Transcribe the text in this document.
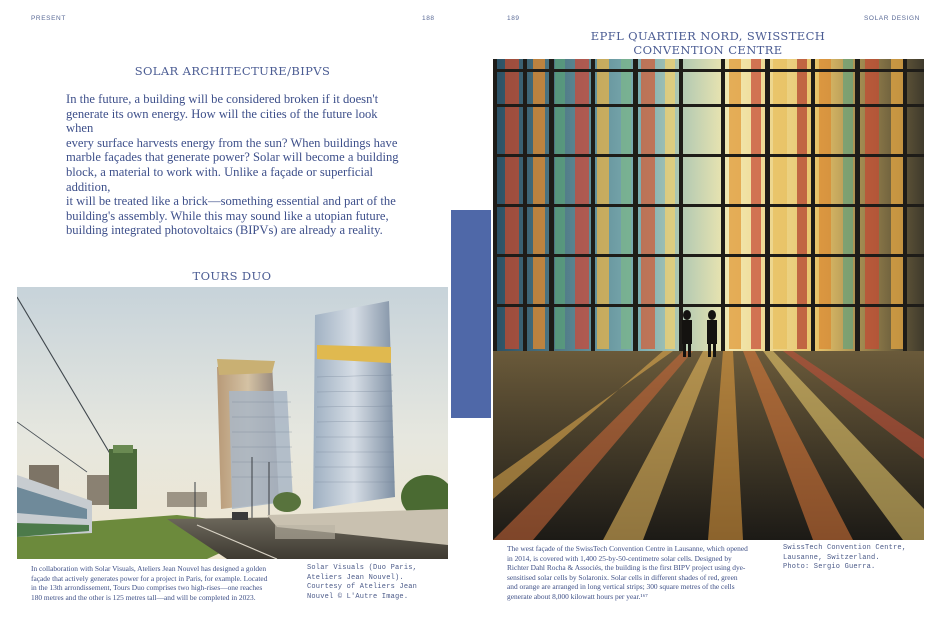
PRESENT	188
SOLAR ARCHITECTURE/BIPVS
In the future, a building will be considered broken if it doesn't
generate its own energy. How will the cities of the future look when
every surface harvests energy from the sun? When buildings have
marble façades that generate power? Solar will become a building
block, a material to work with. Unlike a façade or superficial addition,
it will be treated like a brick—something essential and part of the
building's assembly. While this may sound like a utopian future,
building integrated photovoltaics (BIPVs) are already a reality.
TOURS DUO
In collaboration with Solar Visuals, Ateliers Jean Nouvel has designed a golden
façade that actively generates power for a project in Paris, for example. Located
in the 13th arrondissement, Tours Duo comprises two high-rises—one reaches
180 metres and the other is 125 metres tall—and will be completed in 2023.
Solar Visuals (Duo Paris,
Ateliers Jean Nouvel).
Courtesy of Ateliers Jean
Nouvel © L'Autre Image.
189	SOLAR DESIGN
EPFL QUARTIER NORD, SWISSTECH
CONVENTION CENTRE
The west façade of the SwissTech Convention Centre in Lausanne, which opened
in 2014, is covered with 1,400 25-by-50-centimetre solar cells. Designed by
Richter Dahl Rocha & Associés, the building is the first BIPV project using dye-
sensitised solar cells by Solaronix. Solar cells in different shades of red, green
and orange are arranged in long vertical strips; 300 square metres of the cells
generate about 8,000 kilowatt hours per year.¹⁶⁷
SwissTech Convention Centre,
Lausanne, Switzerland.
Photo: Sergio Guerra.
